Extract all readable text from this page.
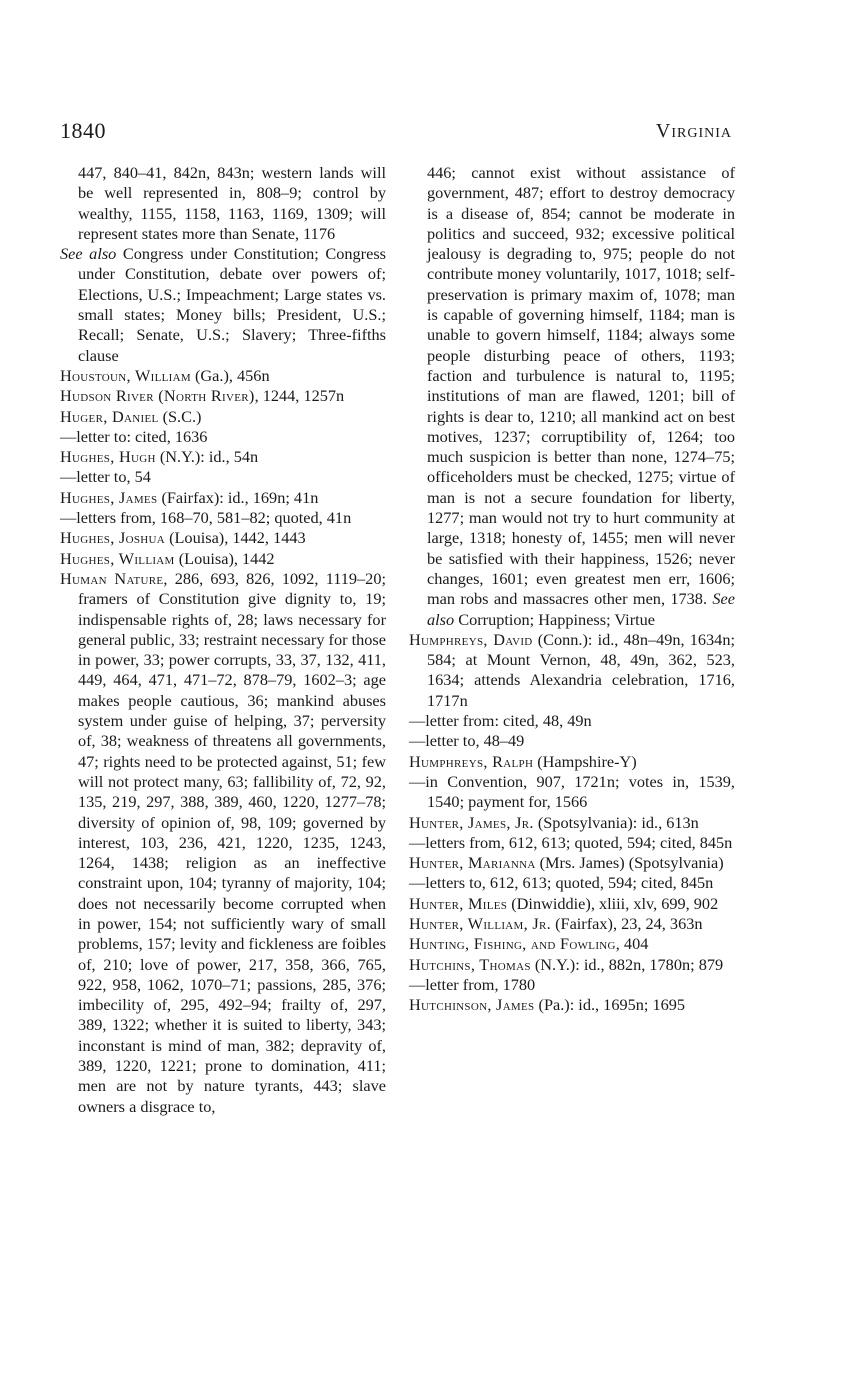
1840	Virginia
447, 840–41, 842n, 843n; western lands will be well represented in, 808–9; control by wealthy, 1155, 1158, 1163, 1169, 1309; will represent states more than Senate, 1176
See also Congress under Constitution; Congress under Constitution, debate over powers of; Elections, U.S.; Impeachment; Large states vs. small states; Money bills; President, U.S.; Recall; Senate, U.S.; Slavery; Three-fifths clause
Houstoun, William (Ga.), 456n
Hudson River (North River), 1244, 1257n
Huger, Daniel (S.C.)
—letter to: cited, 1636
Hughes, Hugh (N.Y.): id., 54n
—letter to, 54
Hughes, James (Fairfax): id., 169n; 41n
—letters from, 168–70, 581–82; quoted, 41n
Hughes, Joshua (Louisa), 1442, 1443
Hughes, William (Louisa), 1442
Human Nature, 286, 693, 826, 1092, 1119–20; framers of Constitution give dignity to, 19; indispensable rights of, 28; laws necessary for general public, 33; restraint necessary for those in power, 33; power corrupts, 33, 37, 132, 411, 449, 464, 471, 471–72, 878–79, 1602–3; age makes people cautious, 36; mankind abuses system under guise of helping, 37; perversity of, 38; weakness of threatens all governments, 47; rights need to be protected against, 51; few will not protect many, 63; fallibility of, 72, 92, 135, 219, 297, 388, 389, 460, 1220, 1277–78; diversity of opinion of, 98, 109; governed by interest, 103, 236, 421, 1220, 1235, 1243, 1264, 1438; religion as an ineffective constraint upon, 104; tyranny of majority, 104; does not necessarily become corrupted when in power, 154; not sufficiently wary of small problems, 157; levity and fickleness are foibles of, 210; love of power, 217, 358, 366, 765, 922, 958, 1062, 1070–71; passions, 285, 376; imbecility of, 295, 492–94; frailty of, 297, 389, 1322; whether it is suited to liberty, 343; inconstant is mind of man, 382; depravity of, 389, 1220, 1221; prone to domination, 411; men are not by nature tyrants, 443; slave owners a disgrace to,
446; cannot exist without assistance of government, 487; effort to destroy democracy is a disease of, 854; cannot be moderate in politics and succeed, 932; excessive political jealousy is degrading to, 975; people do not contribute money voluntarily, 1017, 1018; self-preservation is primary maxim of, 1078; man is capable of governing himself, 1184; man is unable to govern himself, 1184; always some people disturbing peace of others, 1193; faction and turbulence is natural to, 1195; institutions of man are flawed, 1201; bill of rights is dear to, 1210; all mankind act on best motives, 1237; corruptibility of, 1264; too much suspicion is better than none, 1274–75; officeholders must be checked, 1275; virtue of man is not a secure foundation for liberty, 1277; man would not try to hurt community at large, 1318; honesty of, 1455; men will never be satisfied with their happiness, 1526; never changes, 1601; even greatest men err, 1606; man robs and massacres other men, 1738. See also Corruption; Happiness; Virtue
Humphreys, David (Conn.): id., 48n–49n, 1634n; 584; at Mount Vernon, 48, 49n, 362, 523, 1634; attends Alexandria celebration, 1716, 1717n
—letter from: cited, 48, 49n
—letter to, 48–49
Humphreys, Ralph (Hampshire-Y)
—in Convention, 907, 1721n; votes in, 1539, 1540; payment for, 1566
Hunter, James, Jr. (Spotsylvania): id., 613n
—letters from, 612, 613; quoted, 594; cited, 845n
Hunter, Marianna (Mrs. James) (Spotsylvania)
—letters to, 612, 613; quoted, 594; cited, 845n
Hunter, Miles (Dinwiddie), xliii, xlv, 699, 902
Hunter, William, Jr. (Fairfax), 23, 24, 363n
Hunting, Fishing, and Fowling, 404
Hutchins, Thomas (N.Y.): id., 882n, 1780n; 879
—letter from, 1780
Hutchinson, James (Pa.): id., 1695n; 1695
